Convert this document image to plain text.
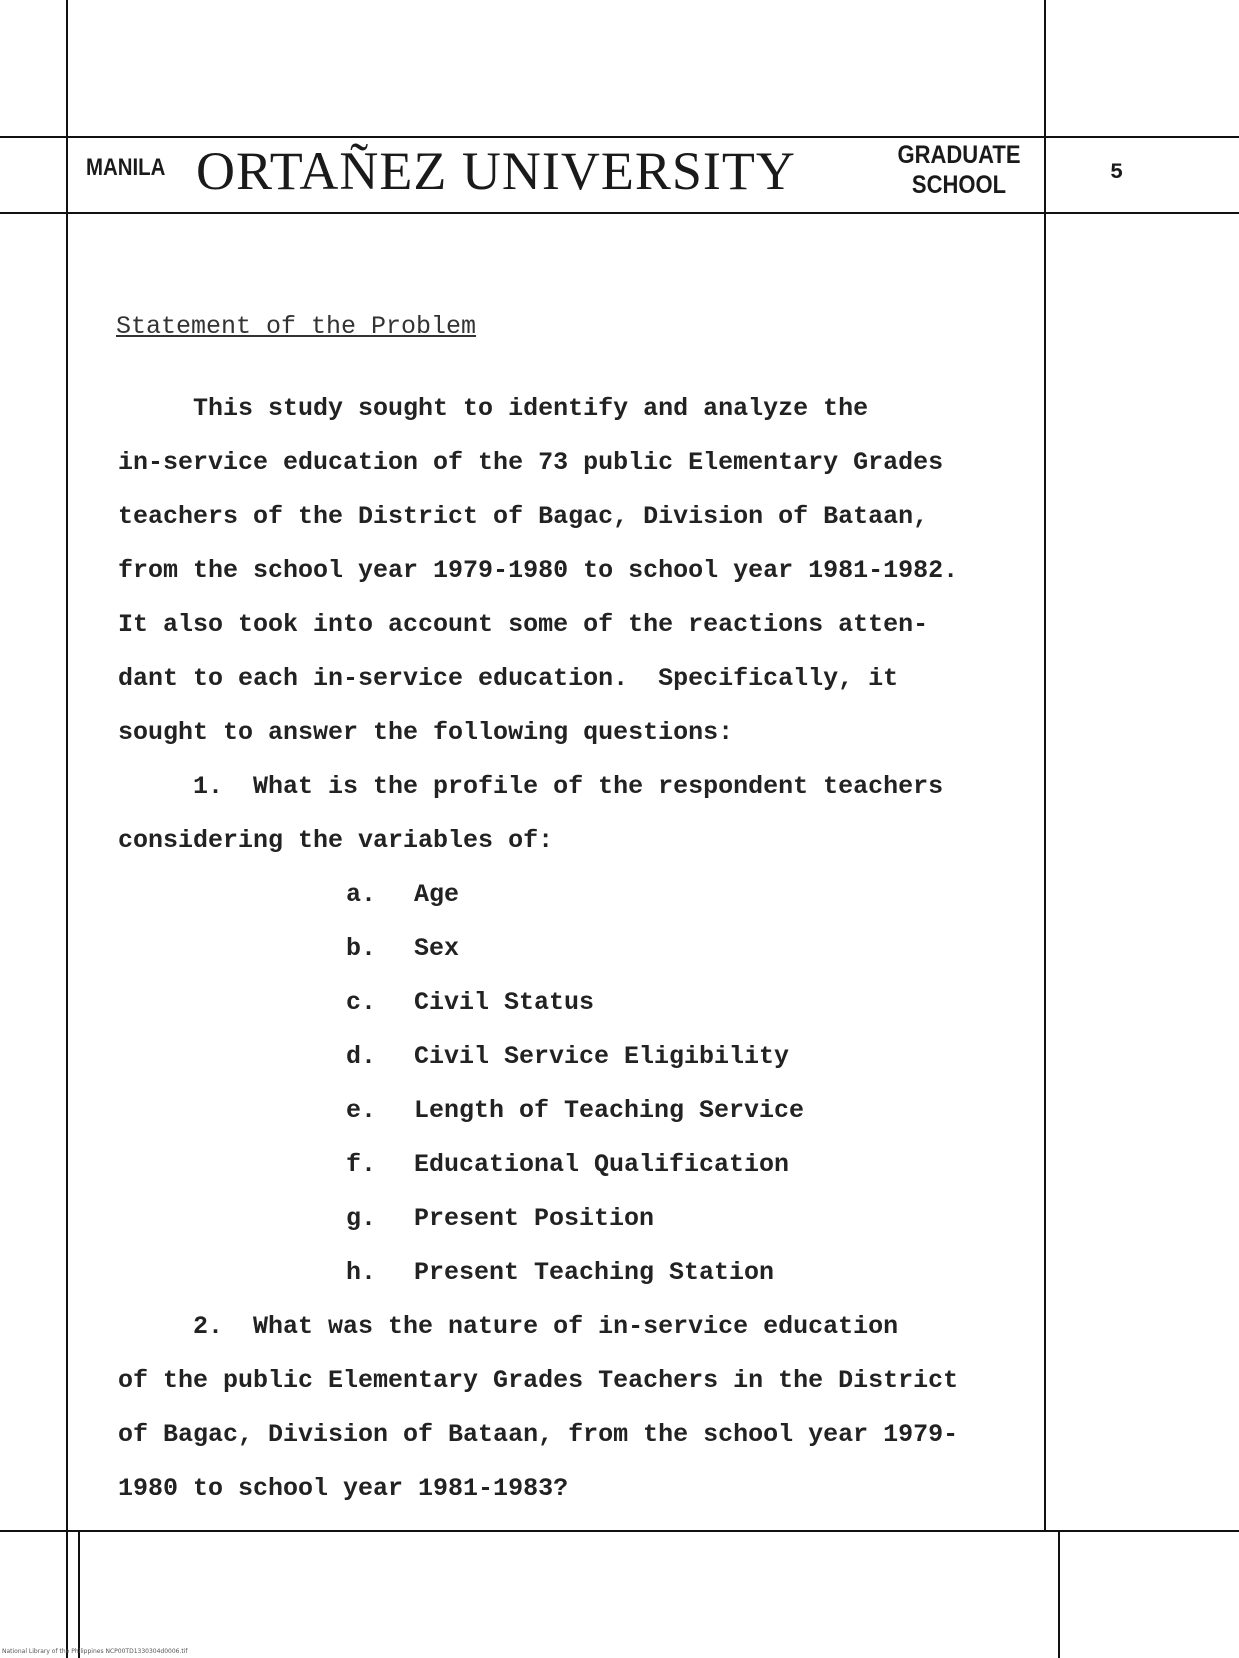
MANILA ORTAÑEZ UNIVERSITY	GRADUATE
SCHOOL	5
Statement of the Problem
This study sought to identify and analyze the
in-service education of the 73 public Elementary Grades
teachers of the District of Bagac, Division of Bataan,
from the school year 1979-1980 to school year 1981-1982.
It also took into account some of the reactions atten-
dant to each in-service education.  Specifically, it
sought to answer the following questions:
1.  What is the profile of the respondent teachers
considering the variables of:
a. Age
b. Sex
c. Civil Status
d. Civil Service Eligibility
e. Length of Teaching Service
f. Educational Qualification
g. Present Position
h. Present Teaching Station
2.  What was the nature of in-service education
of the public Elementary Grades Teachers in the District
of Bagac, Division of Bataan, from the school year 1979-
1980 to school year 1981-1983?
National Library of the Philippines NCP00TD1330304d0006.tif
